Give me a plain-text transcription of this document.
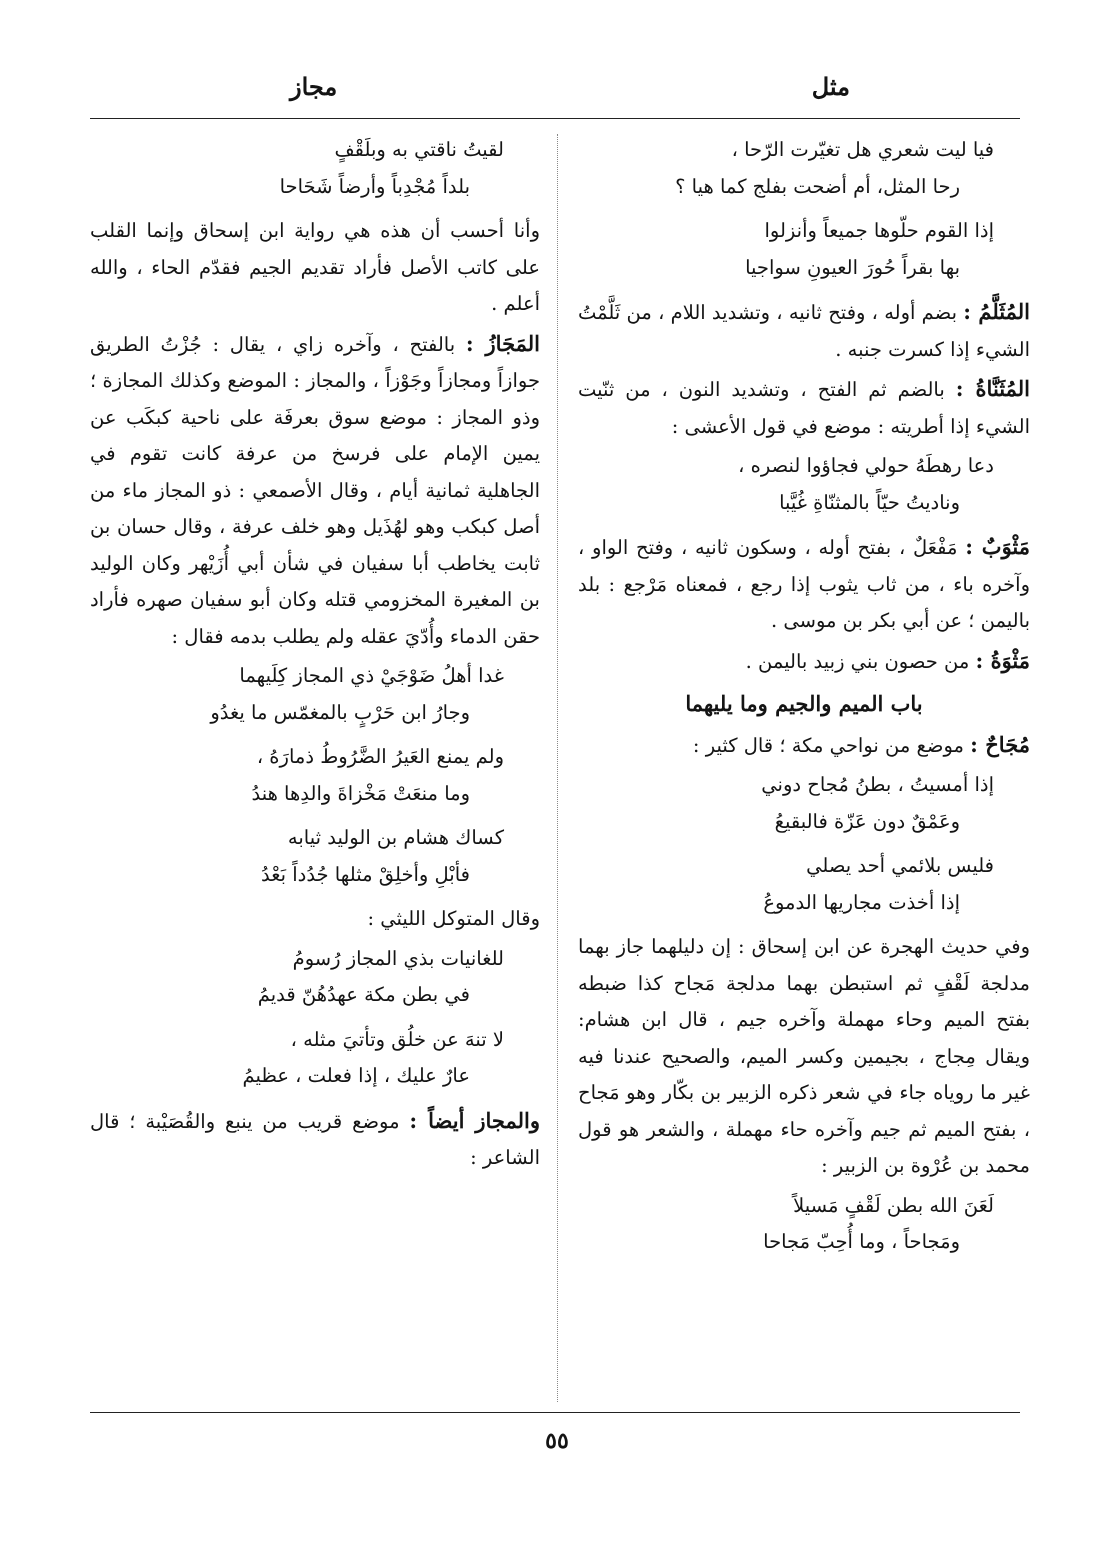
مثل
مجاز
فيا ليت شعري هل تغيّرت الرّحا ،
رحا المثل، أم أضحت بفلج كما هيا ؟
إذا القوم حلّوها جميعاً وأنزلوا
بها بقراً حُورَ العيونِ سواجيا

المُثَلَّمُ : بضم أوله ، وفتح ثانيه ، وتشديد اللام ، من ثَلَّمْتُ الشيء إذا كسرت جنبه .

المُثَنَّاةُ : بالضم ثم الفتح ، وتشديد النون ، من ثنّيت الشيء إذا أطريته : موضع في قول الأعشى :

دعا رهطَهُ حولي فجاؤوا لنصره ،
وناديتُ حيّاً بالمثنّاةِ غُيَّبا

مَثْوَبٌ : مَفْعَلٌ ، بفتح أوله ، وسكون ثانيه ، وفتح الواو ، وآخره باء ، من ثاب يثوب إذا رجع ، فمعناه مَرْجع : بلد باليمن ؛ عن أبي بكر بن موسى .

مَثْوَةُ : من حصون بني زبيد باليمن .

باب الميم والجيم وما يليهما

مُجَاحٌ : موضع من نواحي مكة ؛ قال كثير :

إذا أمسيتُ ، بطنُ مُجاح دوني
وعَمْقٌ دون عَزّة فالبقيعُ
فليس بلائمي أحد يصلي
إذا أخذت مجاريها الدموعُ

وفي حديث الهجرة عن ابن إسحاق : إن دليلهما جاز بهما مدلجة لَقْفٍ ثم استبطن بهما مدلجة مَجاح كذا ضبطه بفتح الميم وحاء مهملة وآخره جيم ، قال ابن هشام: ويقال مِجاج ، بجيمين وكسر الميم، والصحيح عندنا فيه غير ما روياه جاء في شعر ذكره الزبير بن بكّار وهو مَجاح ، بفتح الميم ثم جيم وآخره حاء مهملة ، والشعر هو قول محمد بن عُرْوة بن الزبير :

لَعَنَ الله بطن لَقْفٍ مَسيلاً
ومَجاحاً ، وما أُحِبّ مَجاحا
لقيتُ ناقتي به وبلَقْفٍ
بلداً مُجْدِباً وأرضاً شَحَاحا

وأنا أحسب أن هذه هي رواية ابن إسحاق وإنما القلب على كاتب الأصل فأراد تقديم الجيم فقدّم الحاء ، والله أعلم .

المَجَازُ : بالفتح ، وآخره زاي ، يقال : جُزْتُ الطريق جوازاً ومجازاً وجَوْزاً ، والمجاز : الموضع وكذلك المجازة ؛ وذو المجاز : موضع سوق بعرفَة على ناحية كبكَب عن يمين الإمام على فرسخ من عرفة كانت تقوم في الجاهلية ثمانية أيام ، وقال الأصمعي : ذو المجاز ماء من أصل كبكب وهو لهُذَيل وهو خلف عرفة ، وقال حسان بن ثابت يخاطب أبا سفيان في شأن أبي أُزَيْهر وكان الوليد بن المغيرة المخزومي قتله وكان أبو سفيان صهره فأراد حقن الدماء وأُدّيَ عقله ولم يطلب بدمه فقال :

غدا أهلُ ضَوْجَيْ ذي المجاز كِلَيهما
وجارُ ابن حَرْبٍ بالمغمّس ما يغدُو
ولم يمنع العَيرُ الضَّرُوطُ ذمارَهُ ،
وما منعَتْ مَخْزاةَ والدِها هندُ
كساك هشام بن الوليد ثيابه
فأبْلِ وأخلِقْ مثلها جُدُداً بَعْدُ

وقال المتوكل الليثي :

للغانيات بذي المجاز رُسومُ
في بطن مكة عهدُهُنّ قديمُ
لا تنهَ عن خلُق وتأتيَ مثله ،
عارٌ عليك ، إذا فعلت ، عظيمُ

والمجاز أيضاً : موضع قريب من ينبع والقُصَيْبة ؛ قال الشاعر :

٥٥
